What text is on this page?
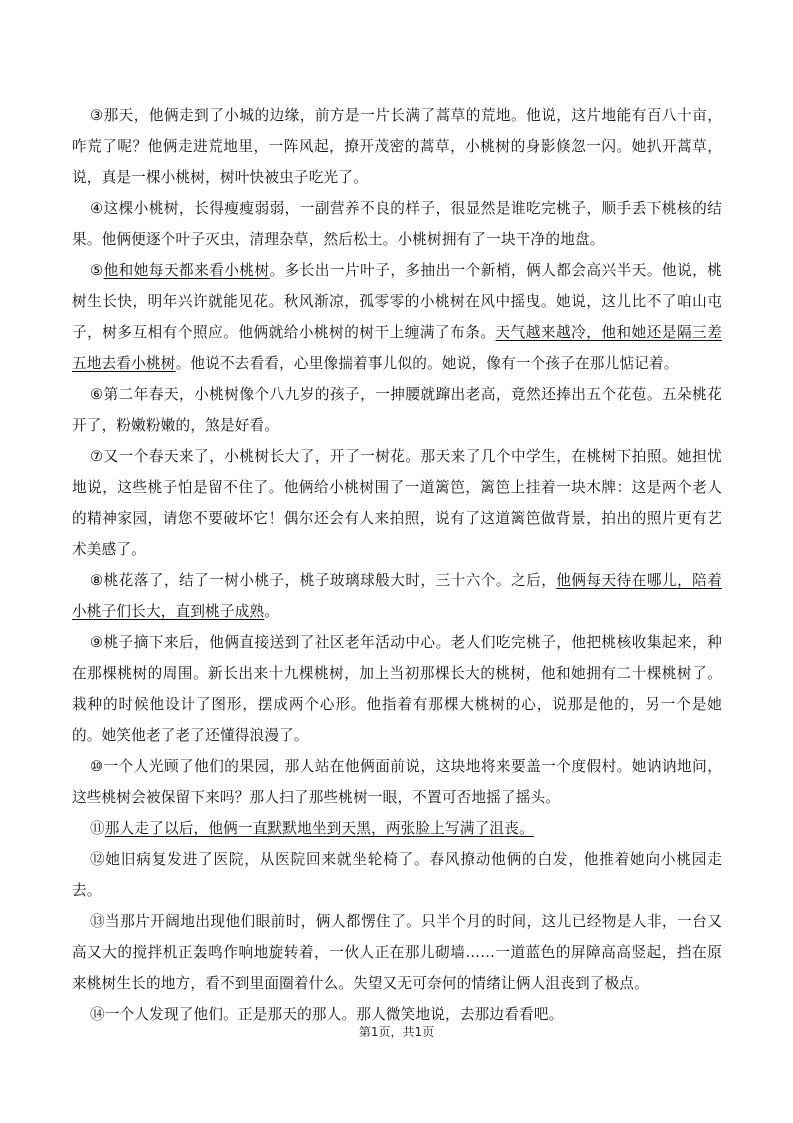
③那天，他俩走到了小城的边缘，前方是一片长满了蒿草的荒地。他说，这片地能有百八十亩，咋荒了呢？他俩走进荒地里，一阵风起，撩开茂密的蒿草，小桃树的身影倏忽一闪。她扒开蒿草，说，真是一棵小桃树，树叶快被虫子吃光了。

④这棵小桃树，长得瘦瘦弱弱，一副营养不良的样子，很显然是谁吃完桃子，顺手丢下桃核的结果。他俩便逐个叶子灭虫，清理杂草，然后松土。小桃树拥有了一块干净的地盘。

⑤他和她每天都来看小桃树。多长出一片叶子，多抽出一个新梢，俩人都会高兴半天。他说，桃树生长快，明年兴许就能见花。秋风渐凉，孤零零的小桃树在风中摇曳。她说，这儿比不了咱山屯子，树多互相有个照应。他俩就给小桃树的树干上缠满了布条。天气越来越冷，他和她还是隔三差五地去看小桃树。他说不去看看，心里像揣着事儿似的。她说，像有一个孩子在那儿惦记着。

⑥第二年春天，小桃树像个八九岁的孩子，一抻腰就蹿出老高，竟然还捧出五个花苞。五朵桃花开了，粉嫩粉嫩的，煞是好看。

⑦又一个春天来了，小桃树长大了，开了一树花。那天来了几个中学生，在桃树下拍照。她担忧地说，这些桃子怕是留不住了。他俩给小桃树围了一道篱笆，篱笆上挂着一块木牌：这是两个老人的精神家园，请您不要破坏它！偶尔还会有人来拍照，说有了这道篱笆做背景，拍出的照片更有艺术美感了。

⑧桃花落了，结了一树小桃子，桃子玻璃球般大时，三十六个。之后，他俩每天待在哪儿，陪着小桃子们长大，直到桃子成熟。

⑨桃子摘下来后，他俩直接送到了社区老年活动中心。老人们吃完桃子，他把桃核收集起来，种在那棵桃树的周围。新长出来十九棵桃树，加上当初那棵长大的桃树，他和她拥有二十棵桃树了。栽种的时候他设计了图形，摆成两个心形。他指着有那棵大桃树的心，说那是他的，另一个是她的。她笑他老了老了还懂得浪漫了。

⑩一个人光顾了他们的果园，那人站在他俩面前说，这块地将来要盖一个度假村。她讷讷地问，这些桃树会被保留下来吗？那人扫了那些桃树一眼，不置可否地摇了摇头。

⑪那人走了以后，他俩一直默默地坐到天黑，两张脸上写满了沮丧。

⑫她旧病复发进了医院，从医院回来就坐轮椅了。春风撩动他俩的白发，他推着她向小桃园走去。

⑬当那片开阔地出现他们眼前时，俩人都愣住了。只半个月的时间，这儿已经物是人非，一台又高又大的搅拌机正轰鸣作响地旋转着，一伙人正在那儿砌墙……一道蓝色的屏障高高竖起，挡在原来桃树生长的地方，看不到里面圈着什么。失望又无可奈何的情绪让俩人沮丧到了极点。

⑭一个人发现了他们。正是那天的那人。那人微笑地说，去那边看看吧。

第1页，共1页
